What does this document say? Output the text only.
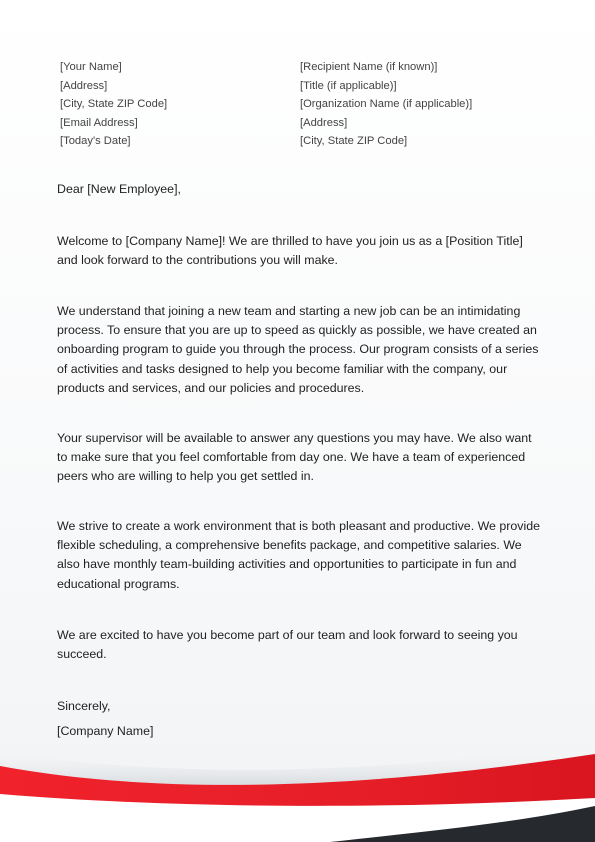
[Your Name]
[Address]
[City, State ZIP Code]
[Email Address]
[Today's Date]
[Recipient Name (if known)]
[Title (if applicable)]
[Organization Name (if applicable)]
[Address]
[City, State ZIP Code]

Dear [New Employee],

Welcome to [Company Name]! We are thrilled to have you join us as a [Position Title] and look forward to the contributions you will make.

We understand that joining a new team and starting a new job can be an intimidating process. To ensure that you are up to speed as quickly as possible, we have created an onboarding program to guide you through the process. Our program consists of a series of activities and tasks designed to help you become familiar with the company, our products and services, and our policies and procedures.

Your supervisor will be available to answer any questions you may have. We also want to make sure that you feel comfortable from day one. We have a team of experienced peers who are willing to help you get settled in.

We strive to create a work environment that is both pleasant and productive. We provide flexible scheduling, a comprehensive benefits package, and competitive salaries. We also have monthly team-building activities and opportunities to participate in fun and educational programs.

We are excited to have you become part of our team and look forward to seeing you succeed.

Sincerely,

[Company Name]
